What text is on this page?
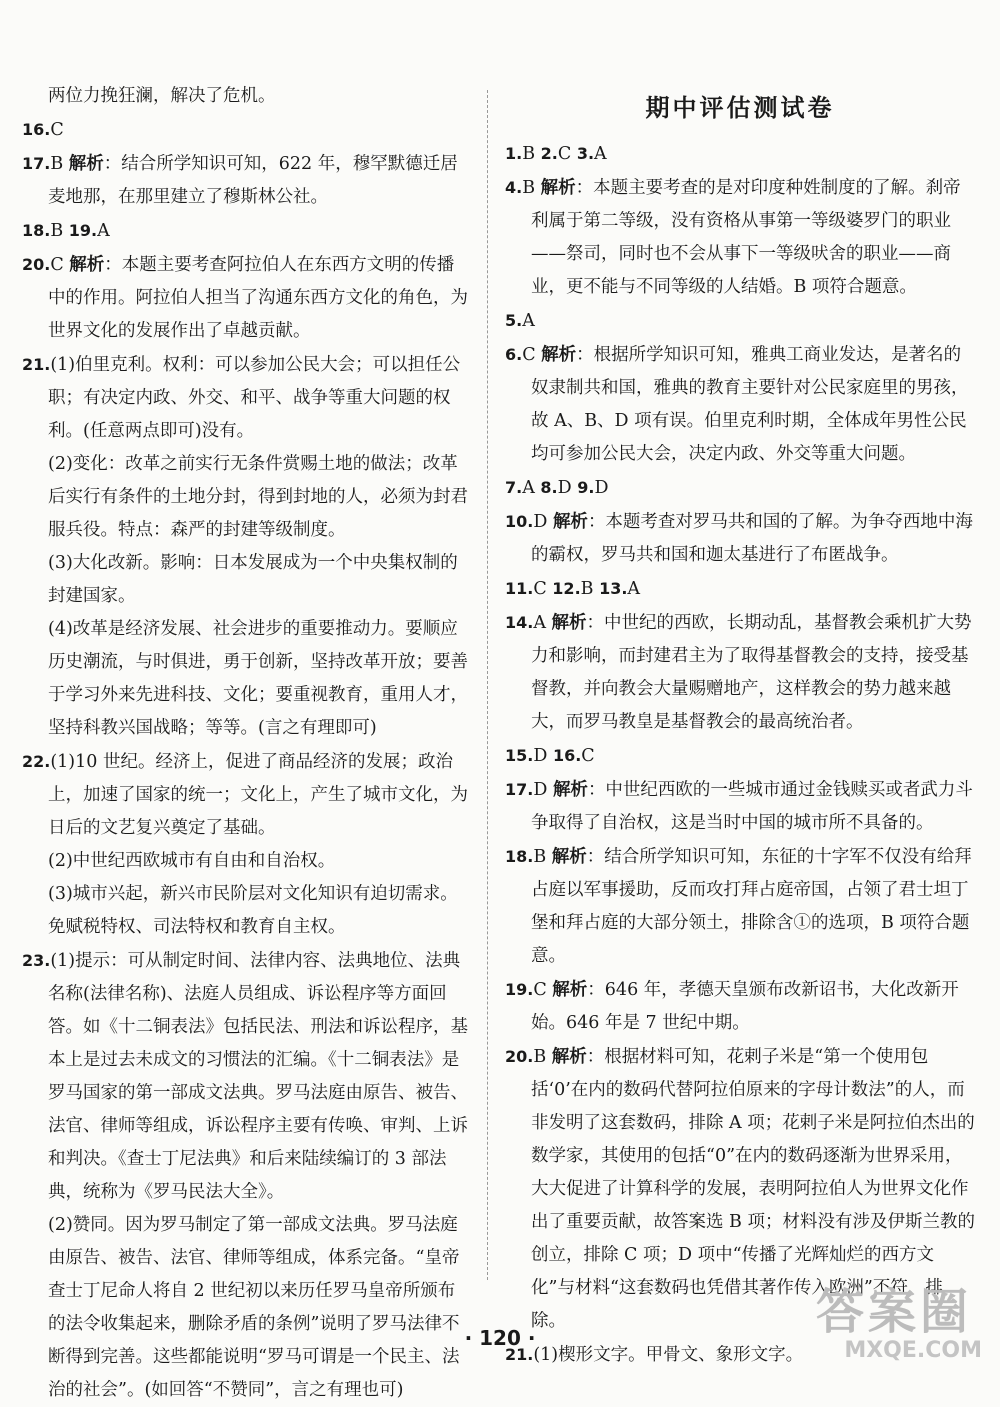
两位力挽狂澜，解决了危机。

16.C

17.B 解析：结合所学知识可知，622 年，穆罕默德迁居麦地那，在那里建立了穆斯林公社。

18.B 19.A

20.C 解析：本题主要考查阿拉伯人在东西方文明的传播中的作用。阿拉伯人担当了沟通东西方文化的角色，为世界文化的发展作出了卓越贡献。

21.(1)伯里克利。权利：可以参加公民大会；可以担任公职；有决定内政、外交、和平、战争等重大问题的权利。(任意两点即可)没有。

(2)变化：改革之前实行无条件赏赐土地的做法；改革后实行有条件的土地分封，得到封地的人，必须为封君服兵役。特点：森严的封建等级制度。

(3)大化改新。影响：日本发展成为一个中央集权制的封建国家。

(4)改革是经济发展、社会进步的重要推动力。要顺应历史潮流，与时俱进，勇于创新，坚持改革开放；要善于学习外来先进科技、文化；要重视教育，重用人才，坚持科教兴国战略；等等。(言之有理即可)

22.(1)10 世纪。经济上，促进了商品经济的发展；政治上，加速了国家的统一；文化上，产生了城市文化，为日后的文艺复兴奠定了基础。

(2)中世纪西欧城市有自由和自治权。

(3)城市兴起，新兴市民阶层对文化知识有迫切需求。免赋税特权、司法特权和教育自主权。

23.(1)提示：可从制定时间、法律内容、法典地位、法典名称(法律名称)、法庭人员组成、诉讼程序等方面回答。如《十二铜表法》包括民法、刑法和诉讼程序，基本上是过去未成文的习惯法的汇编。《十二铜表法》是罗马国家的第一部成文法典。罗马法庭由原告、被告、法官、律师等组成，诉讼程序主要有传唤、审判、上诉和判决。《查士丁尼法典》和后来陆续编订的 3 部法典，统称为《罗马民法大全》。

(2)赞同。因为罗马制定了第一部成文法典。罗马法庭由原告、被告、法官、律师等组成，体系完备。“皇帝查士丁尼命人将自 2 世纪初以来历任罗马皇帝所颁布的法令收集起来，删除矛盾的条例”说明了罗马法律不断得到完善。这些都能说明“罗马可谓是一个民主、法治的社会”。(如回答“不赞同”，言之有理也可)

期中评估测试卷

1.B 2.C 3.A

4.B 解析：本题主要考查的是对印度种姓制度的了解。刹帝利属于第二等级，没有资格从事第一等级婆罗门的职业——祭司，同时也不会从事下一等级吠舍的职业——商业，更不能与不同等级的人结婚。B 项符合题意。

5.A

6.C 解析：根据所学知识可知，雅典工商业发达，是著名的奴隶制共和国，雅典的教育主要针对公民家庭里的男孩，故 A、B、D 项有误。伯里克利时期，全体成年男性公民均可参加公民大会，决定内政、外交等重大问题。

7.A 8.D 9.D

10.D 解析：本题考查对罗马共和国的了解。为争夺西地中海的霸权，罗马共和国和迦太基进行了布匿战争。

11.C 12.B 13.A

14.A 解析：中世纪的西欧，长期动乱，基督教会乘机扩大势力和影响，而封建君主为了取得基督教会的支持，接受基督教，并向教会大量赐赠地产，这样教会的势力越来越大，而罗马教皇是基督教会的最高统治者。

15.D 16.C

17.D 解析：中世纪西欧的一些城市通过金钱赎买或者武力斗争取得了自治权，这是当时中国的城市所不具备的。

18.B 解析：结合所学知识可知，东征的十字军不仅没有给拜占庭以军事援助，反而攻打拜占庭帝国，占领了君士坦丁堡和拜占庭的大部分领土，排除含①的选项，B 项符合题意。

19.C 解析：646 年，孝德天皇颁布改新诏书，大化改新开始。646 年是 7 世纪中期。

20.B 解析：根据材料可知，花剌子米是“第一个使用包括‘0’在内的数码代替阿拉伯原来的字母计数法”的人，而非发明了这套数码，排除 A 项；花剌子米是阿拉伯杰出的数学家，其使用的包括“0”在内的数码逐渐为世界采用，大大促进了计算科学的发展，表明阿拉伯人为世界文化作出了重要贡献，故答案选 B 项；材料没有涉及伊斯兰教的创立，排除 C 项；D 项中“传播了光辉灿烂的西方文化”与材料“这套数码也凭借其著作传入欧洲”不符，排除。

21.(1)楔形文字。甲骨文、象形文字。

· 120 ·	答案圈
MXQE.COM
